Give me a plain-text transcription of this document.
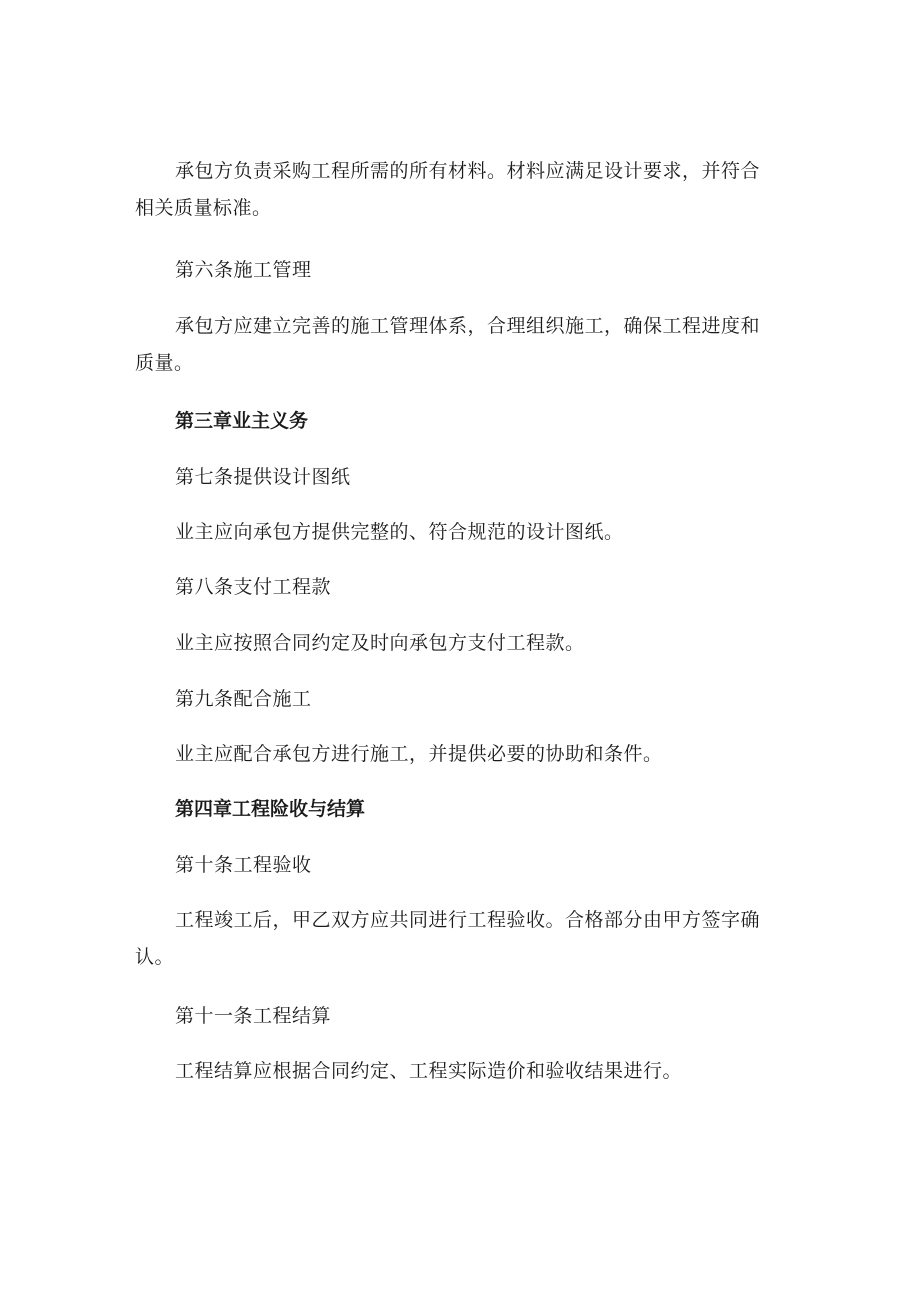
承包方负责采购工程所需的所有材料。材料应满足设计要求，并符合相关质量标准。

第六条施工管理

承包方应建立完善的施工管理体系，合理组织施工，确保工程进度和质量。

第三章业主义务

第七条提供设计图纸

业主应向承包方提供完整的、符合规范的设计图纸。

第八条支付工程款

业主应按照合同约定及时向承包方支付工程款。

第九条配合施工

业主应配合承包方进行施工，并提供必要的协助和条件。

第四章工程险收与结算

第十条工程验收

工程竣工后，甲乙双方应共同进行工程验收。合格部分由甲方签字确认。

第十一条工程结算

工程结算应根据合同约定、工程实际造价和验收结果进行。
